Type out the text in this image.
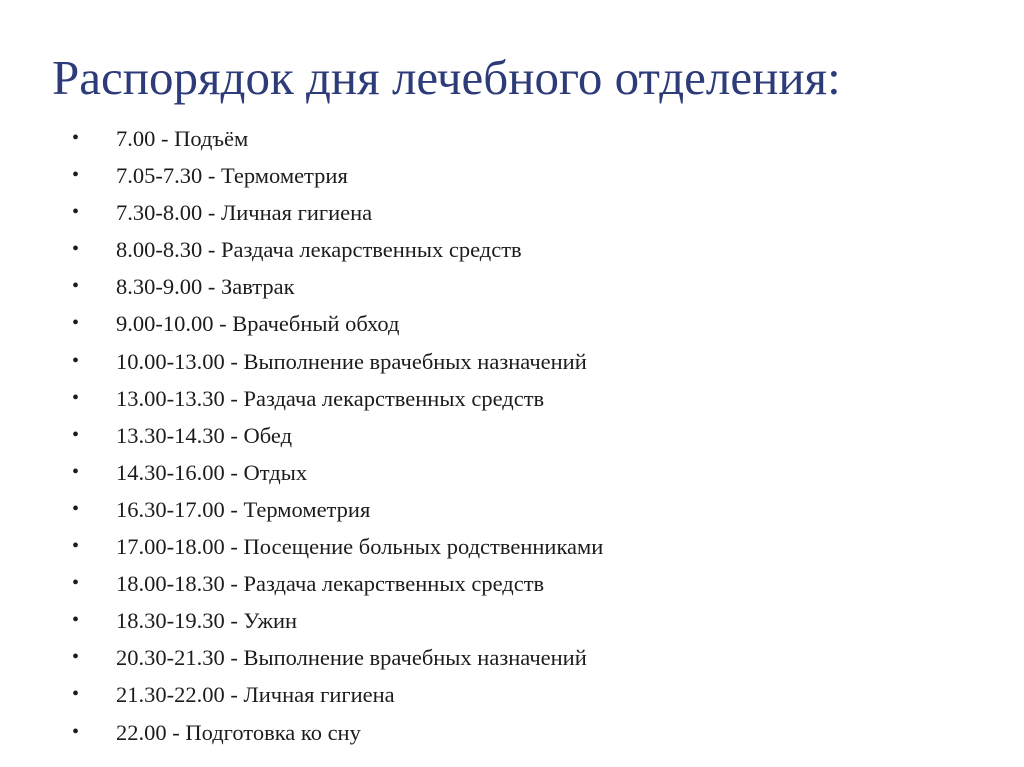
Распорядок дня лечебного отделения:
• 7.00 - Подъём
• 7.05-7.30 - Термометрия
• 7.30-8.00 - Личная гигиена
• 8.00-8.30 - Раздача лекарственных средств
• 8.30-9.00 - Завтрак
• 9.00-10.00 - Врачебный обход
• 10.00-13.00 - Выполнение врачебных назначений
• 13.00-13.30 - Раздача лекарственных средств
• 13.30-14.30 - Обед
• 14.30-16.00 - Отдых
• 16.30-17.00 - Термометрия
• 17.00-18.00 - Посещение больных родственниками
• 18.00-18.30 - Раздача лекарственных средств
• 18.30-19.30 - Ужин
• 20.30-21.30 - Выполнение врачебных назначений
• 21.30-22.00 - Личная гигиена
• 22.00 - Подготовка ко сну
